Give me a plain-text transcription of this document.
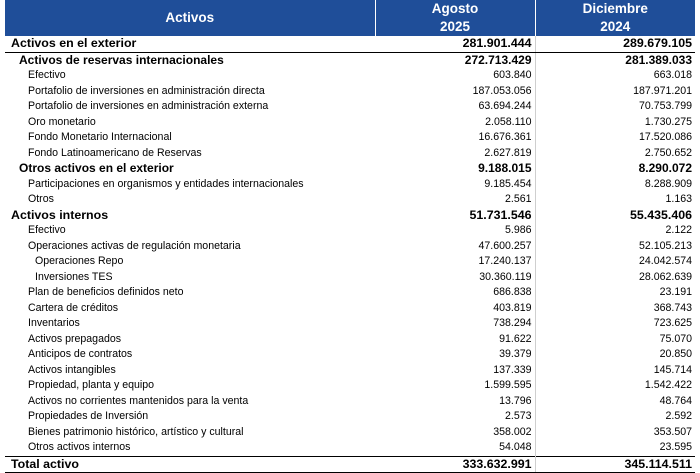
Activos	Agosto	Diciembre
	2025	2024
Activos en el exterior	281.901.444	289.679.105
Activos de reservas internacionales	272.713.429	281.389.033
Efectivo	603.840	663.018
Portafolio de inversiones en administración directa	187.053.056	187.971.201
Portafolio de inversiones en administración externa	63.694.244	70.753.799
Oro monetario	2.058.110	1.730.275
Fondo Monetario Internacional	16.676.361	17.520.086
Fondo Latinoamericano de Reservas	2.627.819	2.750.652
Otros activos en el exterior	9.188.015	8.290.072
Participaciones en organismos y entidades internacionales	9.185.454	8.288.909
Otros	2.561	1.163
Activos internos	51.731.546	55.435.406
Efectivo	5.986	2.122
Operaciones activas de regulación monetaria	47.600.257	52.105.213
Operaciones Repo	17.240.137	24.042.574
Inversiones TES	30.360.119	28.062.639
Plan de beneficios definidos neto	686.838	23.191
Cartera de créditos	403.819	368.743
Inventarios	738.294	723.625
Activos prepagados	91.622	75.070
Anticipos de contratos	39.379	20.850
Activos intangibles	137.339	145.714
Propiedad, planta y equipo	1.599.595	1.542.422
Activos no corrientes mantenidos para la venta	13.796	48.764
Propiedades de Inversión	2.573	2.592
Bienes patrimonio histórico, artístico y cultural	358.002	353.507
Otros activos internos	54.048	23.595
Total activo	333.632.991	345.114.511
